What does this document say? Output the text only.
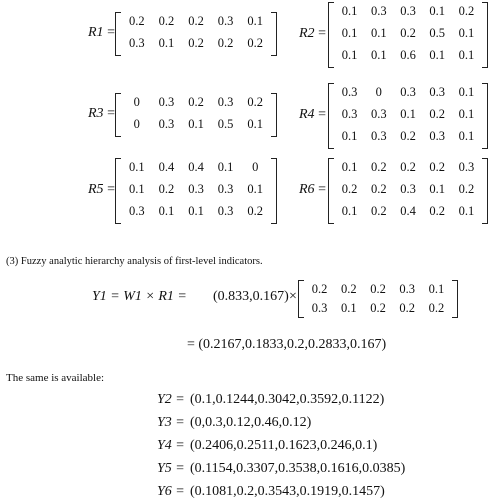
R1 =
0.2	0.2	0.2	0.3	0.1
0.3	0.1	0.2	0.2	0.2
R2 =
0.1	0.3	0.3	0.1	0.2
0.1	0.1	0.2	0.5	0.1
0.1	0.1	0.6	0.1	0.1
R3 =
0	0.3	0.2	0.3	0.2
0	0.3	0.1	0.5	0.1
R4 =
0.3	0	0.3	0.3	0.1
0.3	0.3	0.1	0.2	0.1
0.1	0.3	0.2	0.3	0.1
R5 =
0.1	0.4	0.4	0.1	0
0.1	0.2	0.3	0.3	0.1
0.3	0.1	0.1	0.3	0.2
R6 =
0.1	0.2	0.2	0.2	0.3
0.2	0.2	0.3	0.1	0.2
0.1	0.2	0.4	0.2	0.1
(3) Fuzzy analytic hierarchy analysis of first-level indicators.
Y1 = W1 × R1 = (0.833,0.167) ×	0.2	0.2	0.2	0.3	0.1
0.3	0.1	0.2	0.2	0.2
= (0.2167,0.1833,0.2,0.2833,0.167)
The same is available:
Y2 = (0.1,0.1244,0.3042,0.3592,0.1122)
Y3 = (0,0.3,0.12,0.46,0.12)
Y4 = (0.2406,0.2511,0.1623,0.246,0.1)
Y5 = (0.1154,0.3307,0.3538,0.1616,0.0385)
Y6 = (0.1081,0.2,0.3543,0.1919,0.1457)
